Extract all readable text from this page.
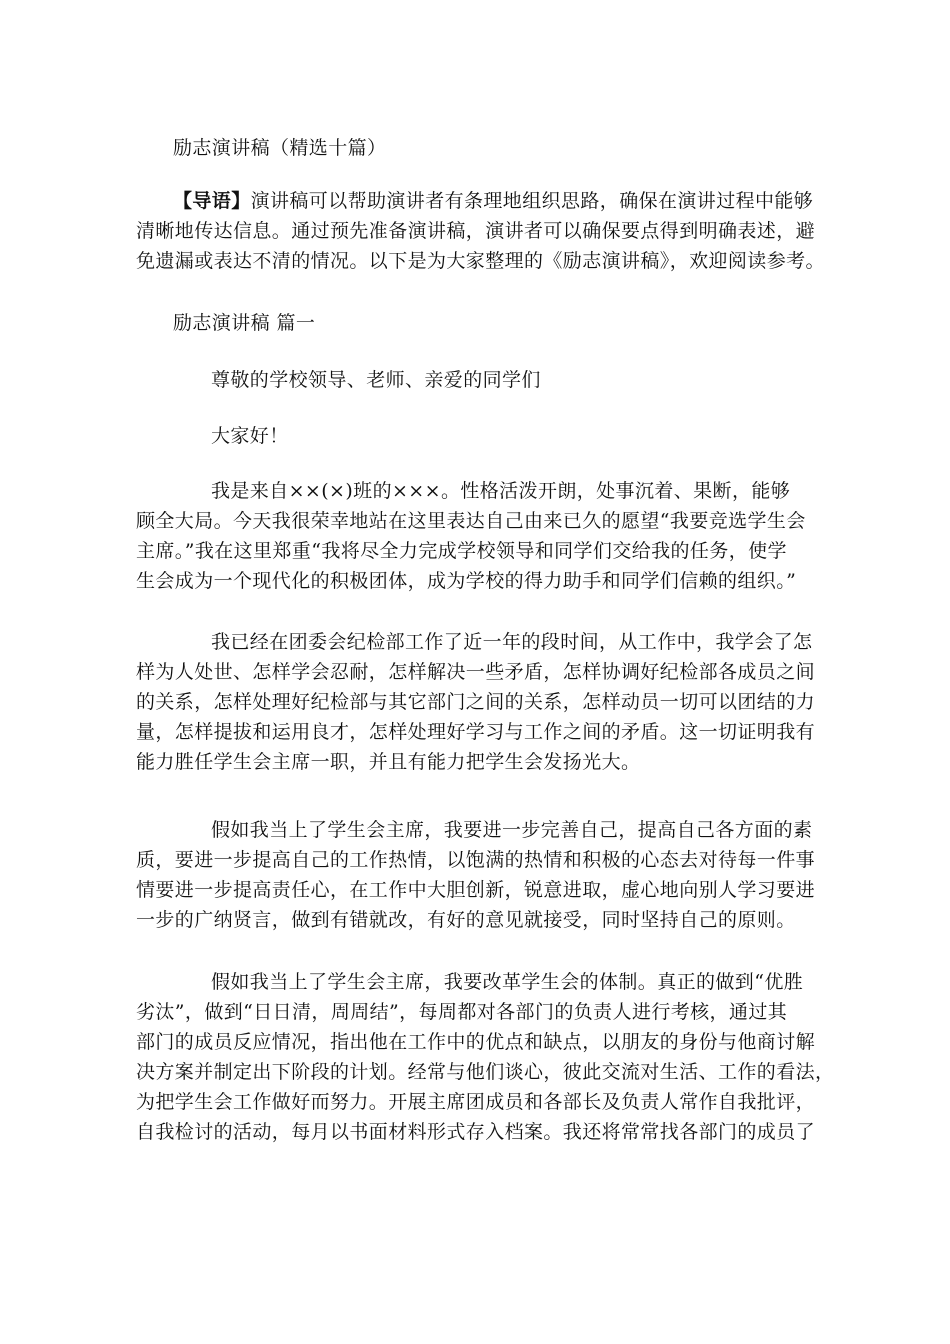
励志演讲稿（精选十篇）
【导语】演讲稿可以帮助演讲者有条理地组织思路，确保在演讲过程中能够
清晰地传达信息。通过预先准备演讲稿，演讲者可以确保要点得到明确表述，避
免遗漏或表达不清的情况。以下是为大家整理的《励志演讲稿》，欢迎阅读参考。
励志演讲稿 篇一
尊敬的学校领导、老师、亲爱的同学们
大家好！
我是来自××(×)班的×××。性格活泼开朗，处事沉着、果断，能够
顾全大局。今天我很荣幸地站在这里表达自己由来已久的愿望“我要竞选学生会
主席。”我在这里郑重“我将尽全力完成学校领导和同学们交给我的任务，使学
生会成为一个现代化的积极团体，成为学校的得力助手和同学们信赖的组织。”
我已经在团委会纪检部工作了近一年的段时间，从工作中，我学会了怎
样为人处世、怎样学会忍耐，怎样解决一些矛盾，怎样协调好纪检部各成员之间
的关系，怎样处理好纪检部与其它部门之间的关系，怎样动员一切可以团结的力
量，怎样提拔和运用良才，怎样处理好学习与工作之间的矛盾。这一切证明我有
能力胜任学生会主席一职，并且有能力把学生会发扬光大。
假如我当上了学生会主席，我要进一步完善自己，提高自己各方面的素
质，要进一步提高自己的工作热情，以饱满的热情和积极的心态去对待每一件事
情要进一步提高责任心，在工作中大胆创新，锐意进取，虚心地向别人学习要进
一步的广纳贤言，做到有错就改，有好的意见就接受，同时坚持自己的原则。
假如我当上了学生会主席，我要改革学生会的体制。真正的做到“优胜
劣汰”，做到“日日清，周周结”，每周都对各部门的负责人进行考核，通过其
部门的成员反应情况，指出他在工作中的优点和缺点，以朋友的身份与他商讨解
决方案并制定出下阶段的计划。经常与他们谈心，彼此交流对生活、工作的看法，
为把学生会工作做好而努力。开展主席团成员和各部长及负责人常作自我批评，
自我检讨的活动，每月以书面材料形式存入档案。我还将常常找各部门的成员了
